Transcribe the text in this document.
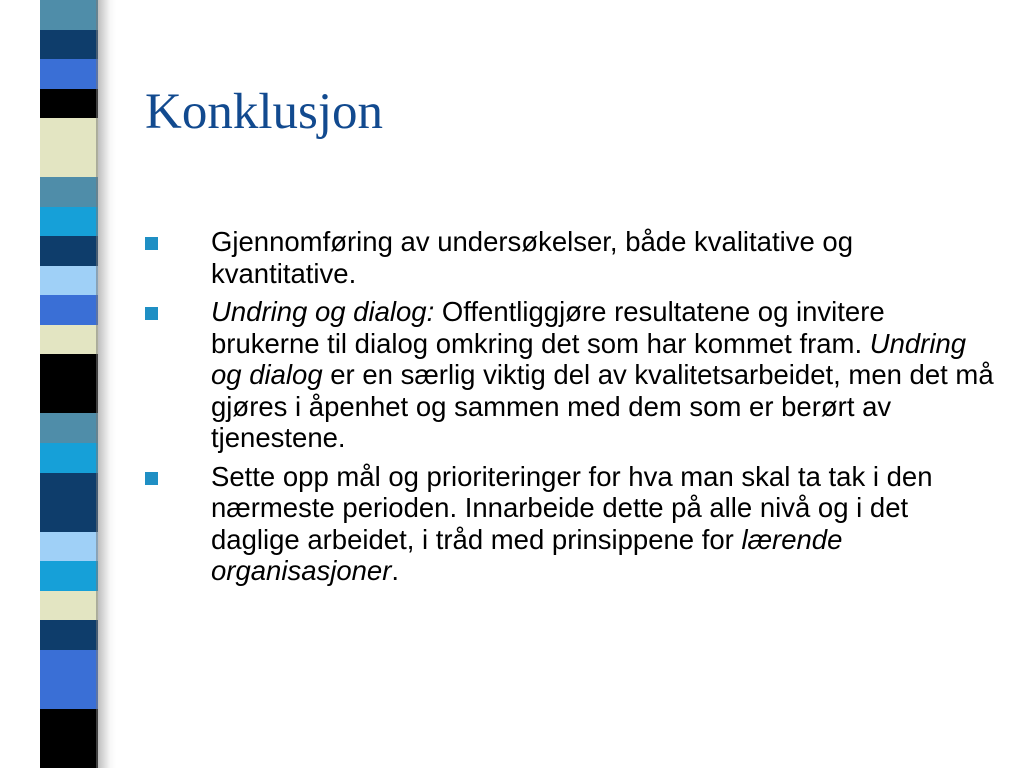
Konklusjon
Gjennomføring av undersøkelser, både kvalitative og kvantitative.
Undring og dialog: Offentliggjøre resultatene og invitere brukerne til dialog omkring det som har kommet fram. Undring og dialog er en særlig viktig del av kvalitetsarbeidet, men det må gjøres i åpenhet og sammen med dem som er berørt av tjenestene.
Sette opp mål og prioriteringer for hva man skal ta tak i den nærmeste perioden. Innarbeide dette på alle nivå og i det daglige arbeidet, i tråd med prinsippene for lærende organisasjoner.
